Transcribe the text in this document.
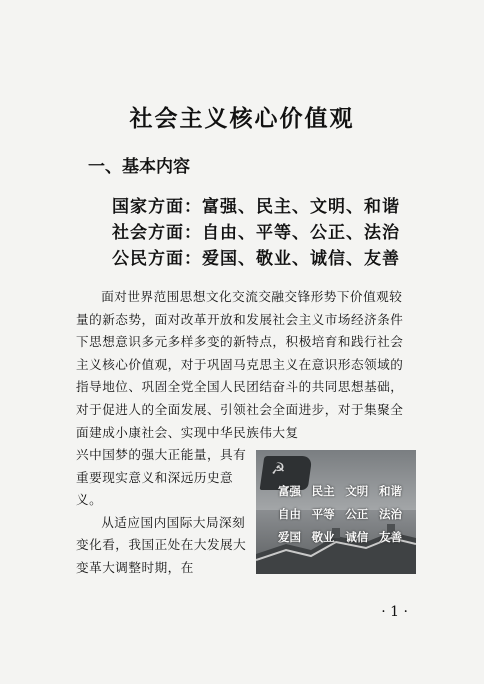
社会主义核心价值观
一、基本内容
国家方面：富强、民主、文明、和谐
社会方面：自由、平等、公正、法治
公民方面：爱国、敬业、诚信、友善

面对世界范围思想文化交流交融交锋形势下价值观较量的新态势，面对改革开放和发展社会主义市场经济条件下思想意识多元多样多变的新特点，积极培育和践行社会主义核心价值观，对于巩固马克思主义在意识形态领域的指导地位、巩固全党全国人民团结奋斗的共同思想基础，对于促进人的全面发展、引领社会全面进步，对于集聚全面建成小康社会、实现中华民族伟大复

兴中国梦的强大正能量，具有重要现实意义和深远历史意义。

从适应国内国际大局深刻变化看，我国正处在大发展大变革大调整时期，在

☭
富强 民主 文明 和谐
自由 平等 公正 法治
爱国 敬业 诚信 友善
· 1 ·
